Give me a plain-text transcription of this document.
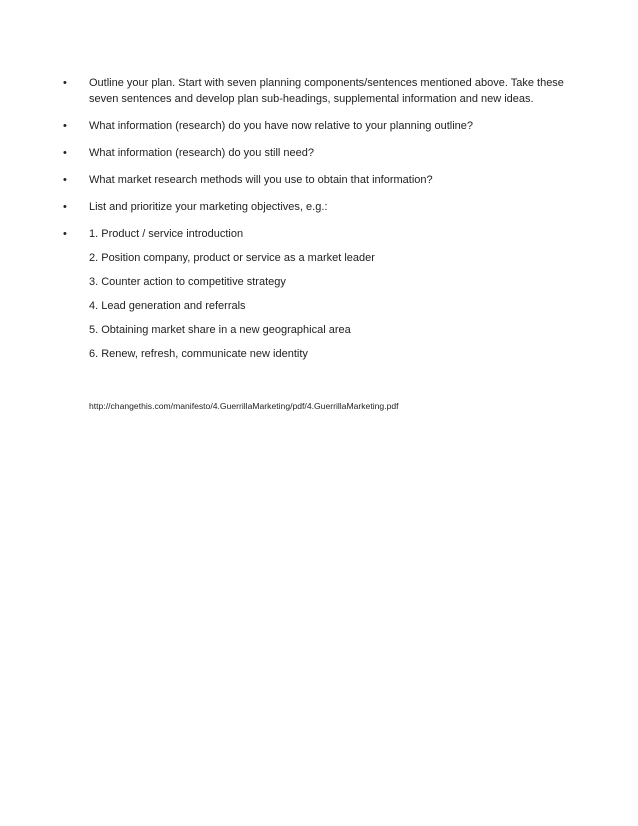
• Outline your plan. Start with seven planning components/sentences mentioned above. Take these seven sentences and develop plan sub-headings, supplemental information and new ideas.
• What information (research) do you have now relative to your planning outline?
• What information (research) do you still need?
• What market research methods will you use to obtain that information?
• List and prioritize your marketing objectives, e.g.:
• 1. Product / service introduction
2. Position company, product or service as a market leader
3. Counter action to competitive strategy
4. Lead generation and referrals
5. Obtaining market share in a new geographical area
6. Renew, refresh, communicate new identity
http://changethis.com/manifesto/4.GuerrillaMarketing/pdf/4.GuerrillaMarketing.pdf
